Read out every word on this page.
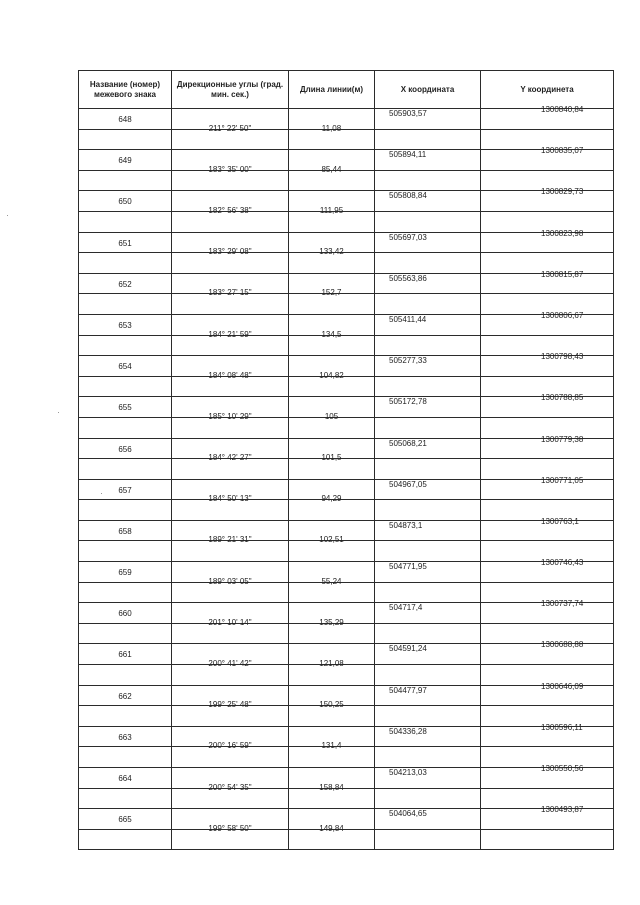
Название (номер) межевого знака	Дирекционные углы (град. мин. сек.)	Длина линии(м)	X координата	Y координета

648			505903,57	1300840,84

	211° 22' 50"	11,08		

649			505894,11	1300835,07

	183° 35' 00"	85,44		

650			505808,84	1300829,73

	182° 56' 38"	111,95		

651			505697,03	1300823,98

	183° 29' 08"	133,42		

652			505563,86	1300815,87

	183° 27' 15"	152,7		

653			505411,44	1300806,67

	184° 21' 59"	134,5		

654			505277,33	1300798,43

	184° 08' 48"	104,82		

655			505172,78	1300788,85

	185° 10' 29"	105		

656			505068,21	1300779,38

	184° 42' 27"	101,5		

657			504967,05	1300771,05

	184° 50' 13"	94,29		

658			504873,1	1300763,1

	189° 21' 31"	102,51		

659			504771,95	1300746,43

	189° 03' 05"	55,24		

660			504717,4	1300737,74

	201° 10' 14"	135,29		

661			504591,24	1300688,88

	200° 41' 42"	121,08		

662			504477,97	1300646,09

	199° 25' 48"	150,25		

663			504336,28	1300596,11

	200° 16' 59"	131,4		

664			504213,03	1300550,56

	200° 54' 35"	158,84		

665			504064,65	1300493,87

	199° 58' 50"	149,84		
